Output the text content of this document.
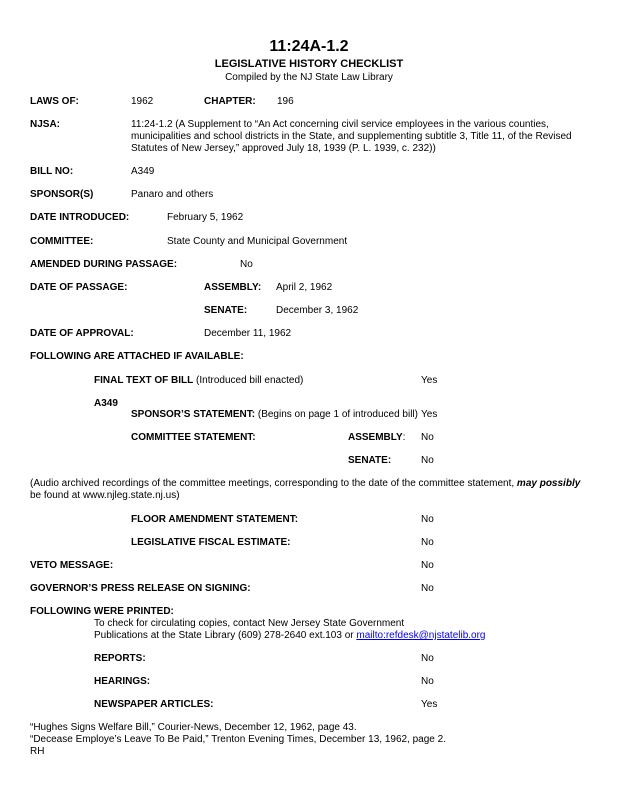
11:24A-1.2
LEGISLATIVE HISTORY CHECKLIST
Compiled by the NJ State Law Library
LAWS OF:	1962	CHAPTER: 196
NJSA:	11:24-1.2 (A Supplement to “An Act concerning civil service employees in the various counties,
municipalities and school districts in the State, and supplementing subtitle 3, Title 11, of the Revised
Statutes of New Jersey,” approved July 18, 1939 (P. L. 1939, c. 232))
BILL NO:	A349
SPONSOR(S)	Panaro and others
DATE INTRODUCED:	February 5, 1962
COMMITTEE:	State County and Municipal Government
AMENDED DURING PASSAGE:	No
DATE OF PASSAGE:	ASSEMBLY: April 2, 1962
SENATE:	December 3, 1962
DATE OF APPROVAL:	December 11, 1962
FOLLOWING ARE ATTACHED IF AVAILABLE:
FINAL TEXT OF BILL (Introduced bill enacted)	Yes
A349
SPONSOR’S STATEMENT: (Begins on page 1 of introduced bill) Yes
COMMITTEE STATEMENT:	ASSEMBLY: No
SENATE:	No
(Audio archived recordings of the committee meetings, corresponding to the date of the committee statement, may possibly
be found at www.njleg.state.nj.us)
FLOOR AMENDMENT STATEMENT:	No
LEGISLATIVE FISCAL ESTIMATE:	No
VETO MESSAGE:	No
GOVERNOR’S PRESS RELEASE ON SIGNING:	No
FOLLOWING WERE PRINTED:
To check for circulating copies, contact New Jersey State Government
Publications at the State Library (609) 278-2640 ext.103 or mailto:refdesk@njstatelib.org
REPORTS:	No
HEARINGS:	No
NEWSPAPER ARTICLES:	Yes
“Hughes Signs Welfare Bill,” Courier-News, December 12, 1962, page 43.
“Decease Employe’s Leave To Be Paid,” Trenton Evening Times, December 13, 1962, page 2.
RH
